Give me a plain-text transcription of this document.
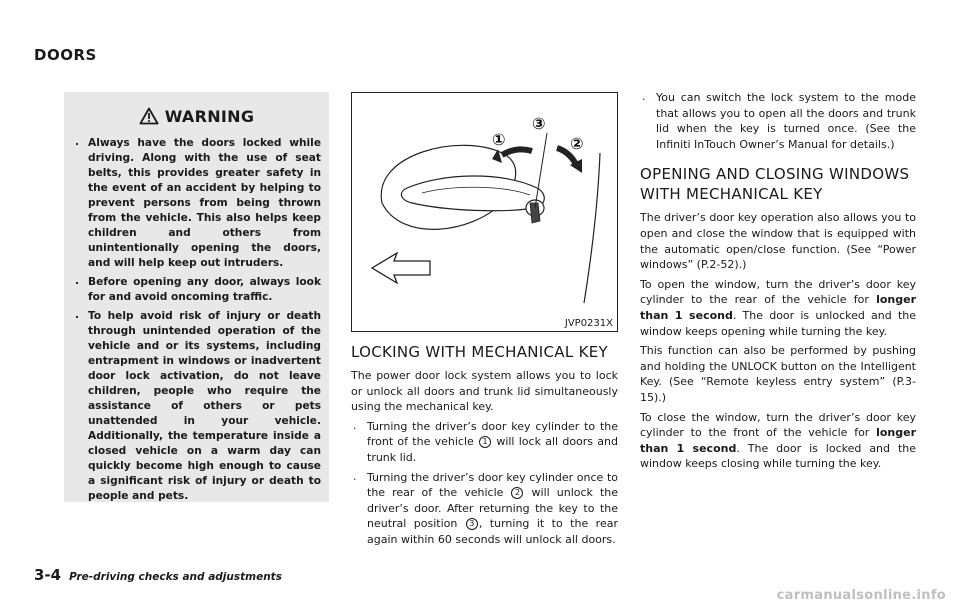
DOORS
WARNING
. Always have the doors locked while driving. Along with the use of seat belts, this provides greater safety in the event of an accident by helping to prevent persons from being thrown from the vehicle. This also helps keep children and others from unintentionally opening the doors, and will help keep out intruders.
. Before opening any door, always look for and avoid oncoming traffic.
. To help avoid risk of injury or death through unintended operation of the vehicle and or its systems, including entrapment in windows or inadvertent door lock activation, do not leave children, people who require the assistance of others or pets unattended in your vehicle. Additionally, the temperature inside a closed vehicle on a warm day can quickly become high enough to cause a significant risk of injury or death to people and pets.
①	②
③
JVP0231X
LOCKING WITH MECHANICAL KEY

The power door lock system allows you to lock or unlock all doors and trunk lid simultaneously using the mechanical key.

. Turning the driver’s door key cylinder to the front of the vehicle 1 will lock all doors and trunk lid.
. Turning the driver’s door key cylinder once to the rear of the vehicle 2 will unlock the driver’s door. After returning the key to the neutral position 3 , turning it to the rear again within 60 seconds will unlock all doors.
. You can switch the lock system to the mode that allows you to open all the doors and trunk lid when the key is turned once. (See the Infiniti InTouch Owner’s Manual for details.)
OPENING AND CLOSING WINDOWS WITH MECHANICAL KEY

The driver’s door key operation also allows you to open and close the window that is equipped with the automatic open/close function. (See “Power windows” (P.2-52).)

To open the window, turn the driver’s door key cylinder to the rear of the vehicle for longer than 1 second. The door is unlocked and the window keeps opening while turning the key.

This function can also be performed by pushing and holding the UNLOCK button on the Intelligent Key. (See “Remote keyless entry system” (P.3-15).)

To close the window, turn the driver’s door key cylinder to the front of the vehicle for longer than 1 second. The door is locked and the window keeps closing while turning the key.

3-4 Pre-driving checks and adjustments
carmanualsonline.info
